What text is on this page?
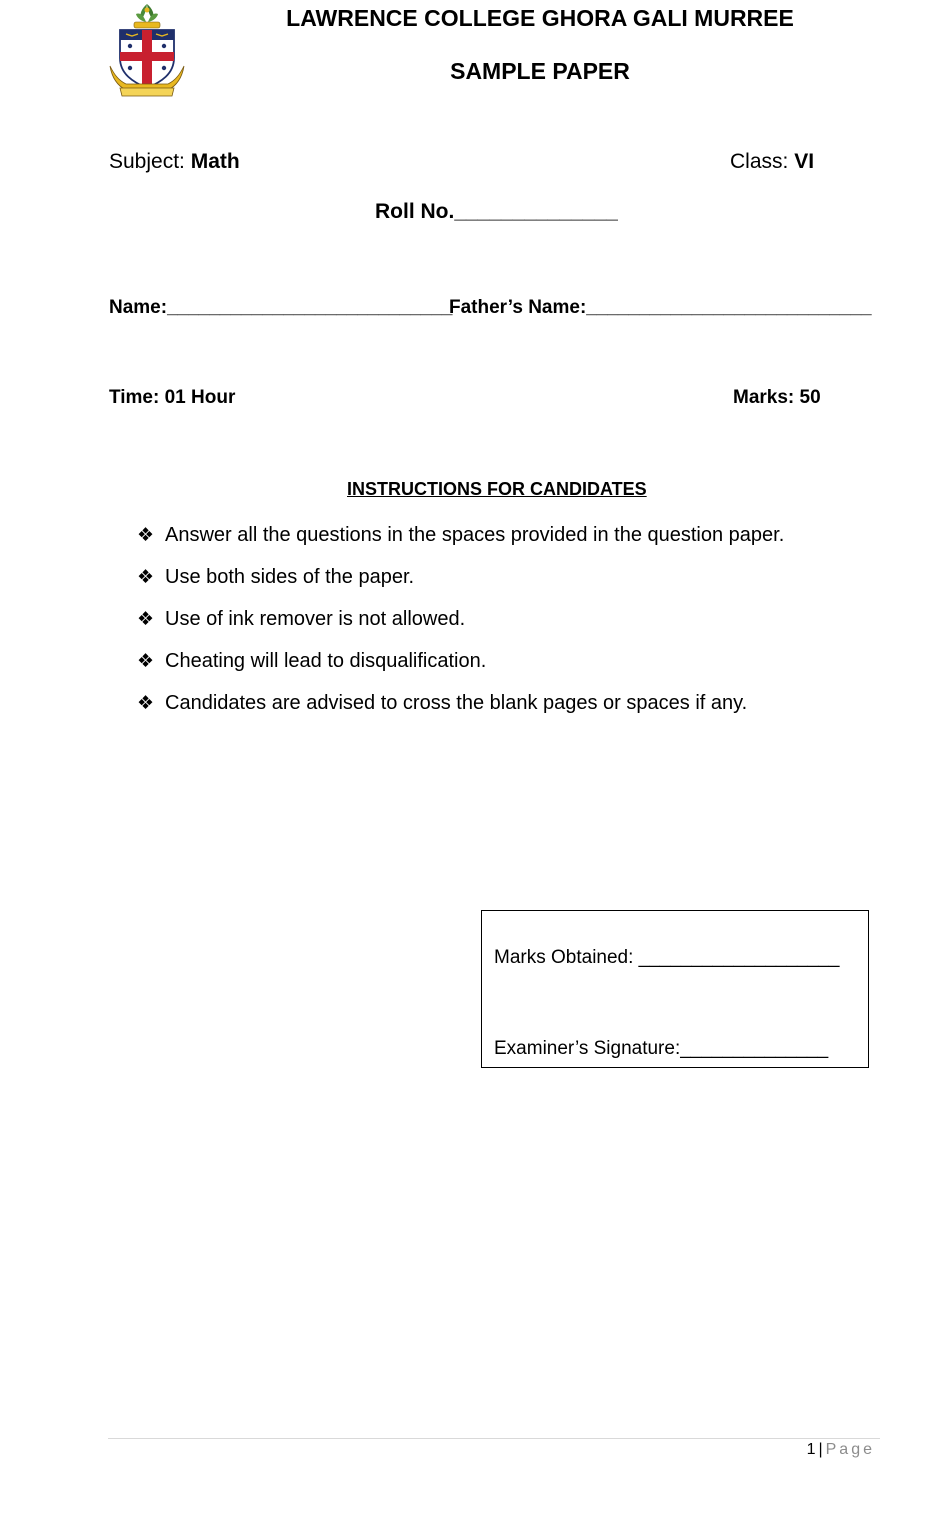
LAWRENCE COLLEGE GHORA GALI MURREE
SAMPLE PAPER
Subject: Math	Class: VI
Roll No.______________
Name:___________________________
Father’s Name:___________________________
Time: 01 Hour	Marks: 50
INSTRUCTIONS FOR CANDIDATES
❖ Answer all the questions in the spaces provided in the question paper.
❖ Use both sides of the paper.
❖ Use of ink remover is not allowed.
❖ Cheating will lead to disqualification.
❖ Candidates are advised to cross the blank pages or spaces if any.
Marks Obtained: ___________________
Examiner’s Signature:______________
1 | Page
